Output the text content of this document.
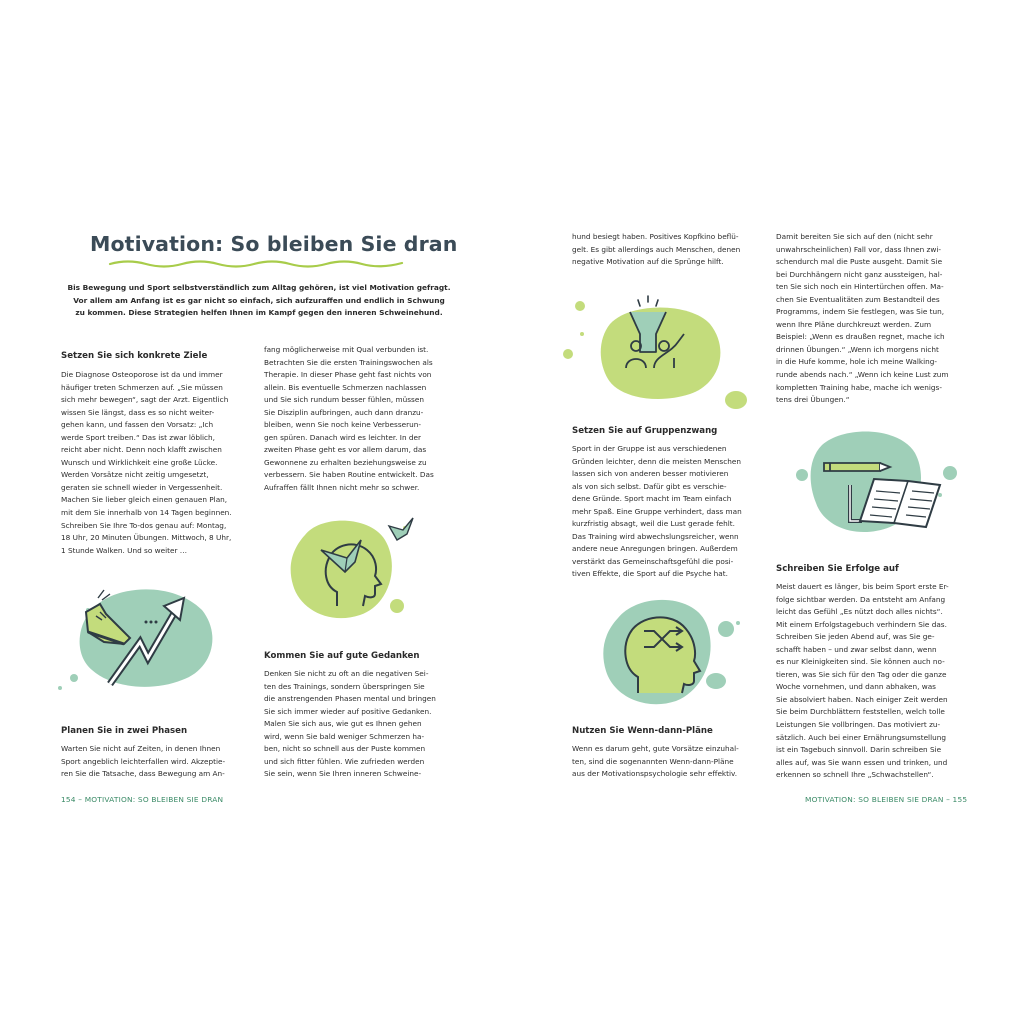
Motivation: So bleiben Sie dran
Bis Bewegung und Sport selbstverständlich zum Alltag gehören, ist viel Motivation gefragt.
Vor allem am Anfang ist es gar nicht so einfach, sich aufzuraffen und endlich in Schwung
zu kommen. Diese Strategien helfen Ihnen im Kampf gegen den inneren Schweinehund.
Setzen Sie sich konkrete Ziele
Die Diagnose Osteoporose ist da und immer
häufiger treten Schmerzen auf. „Sie müssen
sich mehr bewegen“, sagt der Arzt. Eigentlich
wissen Sie längst, dass es so nicht weiter-
gehen kann, und fassen den Vorsatz: „Ich
werde Sport treiben.“ Das ist zwar löblich,
reicht aber nicht. Denn noch klafft zwischen
Wunsch und Wirklichkeit eine große Lücke.
Werden Vorsätze nicht zeitig umgesetzt,
geraten sie schnell wieder in Vergessenheit.
Machen Sie lieber gleich einen genauen Plan,
mit dem Sie innerhalb von 14 Tagen beginnen.
Schreiben Sie Ihre To-dos genau auf: Montag,
18 Uhr, 20 Minuten Übungen. Mittwoch, 8 Uhr,
1 Stunde Walken. Und so weiter …
Planen Sie in zwei Phasen
Warten Sie nicht auf Zeiten, in denen Ihnen
Sport angeblich leichterfallen wird. Akzeptie-
ren Sie die Tatsache, dass Bewegung am An-
154 – MOTIVATION: SO BLEIBEN SIE DRAN
fang möglicherweise mit Qual verbunden ist.
Betrachten Sie die ersten Trainingswochen als
Therapie. In dieser Phase geht fast nichts von
allein. Bis eventuelle Schmerzen nachlassen
und Sie sich rundum besser fühlen, müssen
Sie Disziplin aufbringen, auch dann dranzu-
bleiben, wenn Sie noch keine Verbesserun-
gen spüren. Danach wird es leichter. In der
zweiten Phase geht es vor allem darum, das
Gewonnene zu erhalten beziehungsweise zu
verbessern. Sie haben Routine entwickelt. Das
Aufraffen fällt Ihnen nicht mehr so schwer.
Kommen Sie auf gute Gedanken
Denken Sie nicht zu oft an die negativen Sei-
ten des Trainings, sondern überspringen Sie
die anstrengenden Phasen mental und bringen
Sie sich immer wieder auf positive Gedanken.
Malen Sie sich aus, wie gut es Ihnen gehen
wird, wenn Sie bald weniger Schmerzen ha-
ben, nicht so schnell aus der Puste kommen
und sich fitter fühlen. Wie zufrieden werden
Sie sein, wenn Sie Ihren inneren Schweine-
hund besiegt haben. Positives Kopfkino beflü-
gelt. Es gibt allerdings auch Menschen, denen
negative Motivation auf die Sprünge hilft.
Setzen Sie auf Gruppenzwang
Sport in der Gruppe ist aus verschiedenen
Gründen leichter, denn die meisten Menschen
lassen sich von anderen besser motivieren
als von sich selbst. Dafür gibt es verschie-
dene Gründe. Sport macht im Team einfach
mehr Spaß. Eine Gruppe verhindert, dass man
kurzfristig absagt, weil die Lust gerade fehlt.
Das Training wird abwechslungsreicher, wenn
andere neue Anregungen bringen. Außerdem
verstärkt das Gemeinschaftsgefühl die posi-
tiven Effekte, die Sport auf die Psyche hat.
Nutzen Sie Wenn-dann-Pläne
Wenn es darum geht, gute Vorsätze einzuhal-
ten, sind die sogenannten Wenn-dann-Pläne
aus der Motivationspsychologie sehr effektiv.
Damit bereiten Sie sich auf den (nicht sehr
unwahrscheinlichen) Fall vor, dass Ihnen zwi-
schendurch mal die Puste ausgeht. Damit Sie
bei Durchhängern nicht ganz aussteigen, hal-
ten Sie sich noch ein Hintertürchen offen. Ma-
chen Sie Eventualitäten zum Bestandteil des
Programms, indem Sie festlegen, was Sie tun,
wenn Ihre Pläne durchkreuzt werden. Zum
Beispiel: „Wenn es draußen regnet, mache ich
drinnen Übungen.“ „Wenn ich morgens nicht
in die Hufe komme, hole ich meine Walking-
runde abends nach.“ „Wenn ich keine Lust zum
kompletten Training habe, mache ich wenigs-
tens drei Übungen.“
Schreiben Sie Erfolge auf
Meist dauert es länger, bis beim Sport erste Er-
folge sichtbar werden. Da entsteht am Anfang
leicht das Gefühl „Es nützt doch alles nichts“.
Mit einem Erfolgstagebuch verhindern Sie das.
Schreiben Sie jeden Abend auf, was Sie ge-
schafft haben – und zwar selbst dann, wenn
es nur Kleinigkeiten sind. Sie können auch no-
tieren, was Sie sich für den Tag oder die ganze
Woche vornehmen, und dann abhaken, was
Sie absolviert haben. Nach einiger Zeit werden
Sie beim Durchblättern feststellen, welch tolle
Leistungen Sie vollbringen. Das motiviert zu-
sätzlich. Auch bei einer Ernährungsumstellung
ist ein Tagebuch sinnvoll. Darin schreiben Sie
alles auf, was Sie wann essen und trinken, und
erkennen so schnell Ihre „Schwachstellen“.
MOTIVATION: SO BLEIBEN SIE DRAN – 155
